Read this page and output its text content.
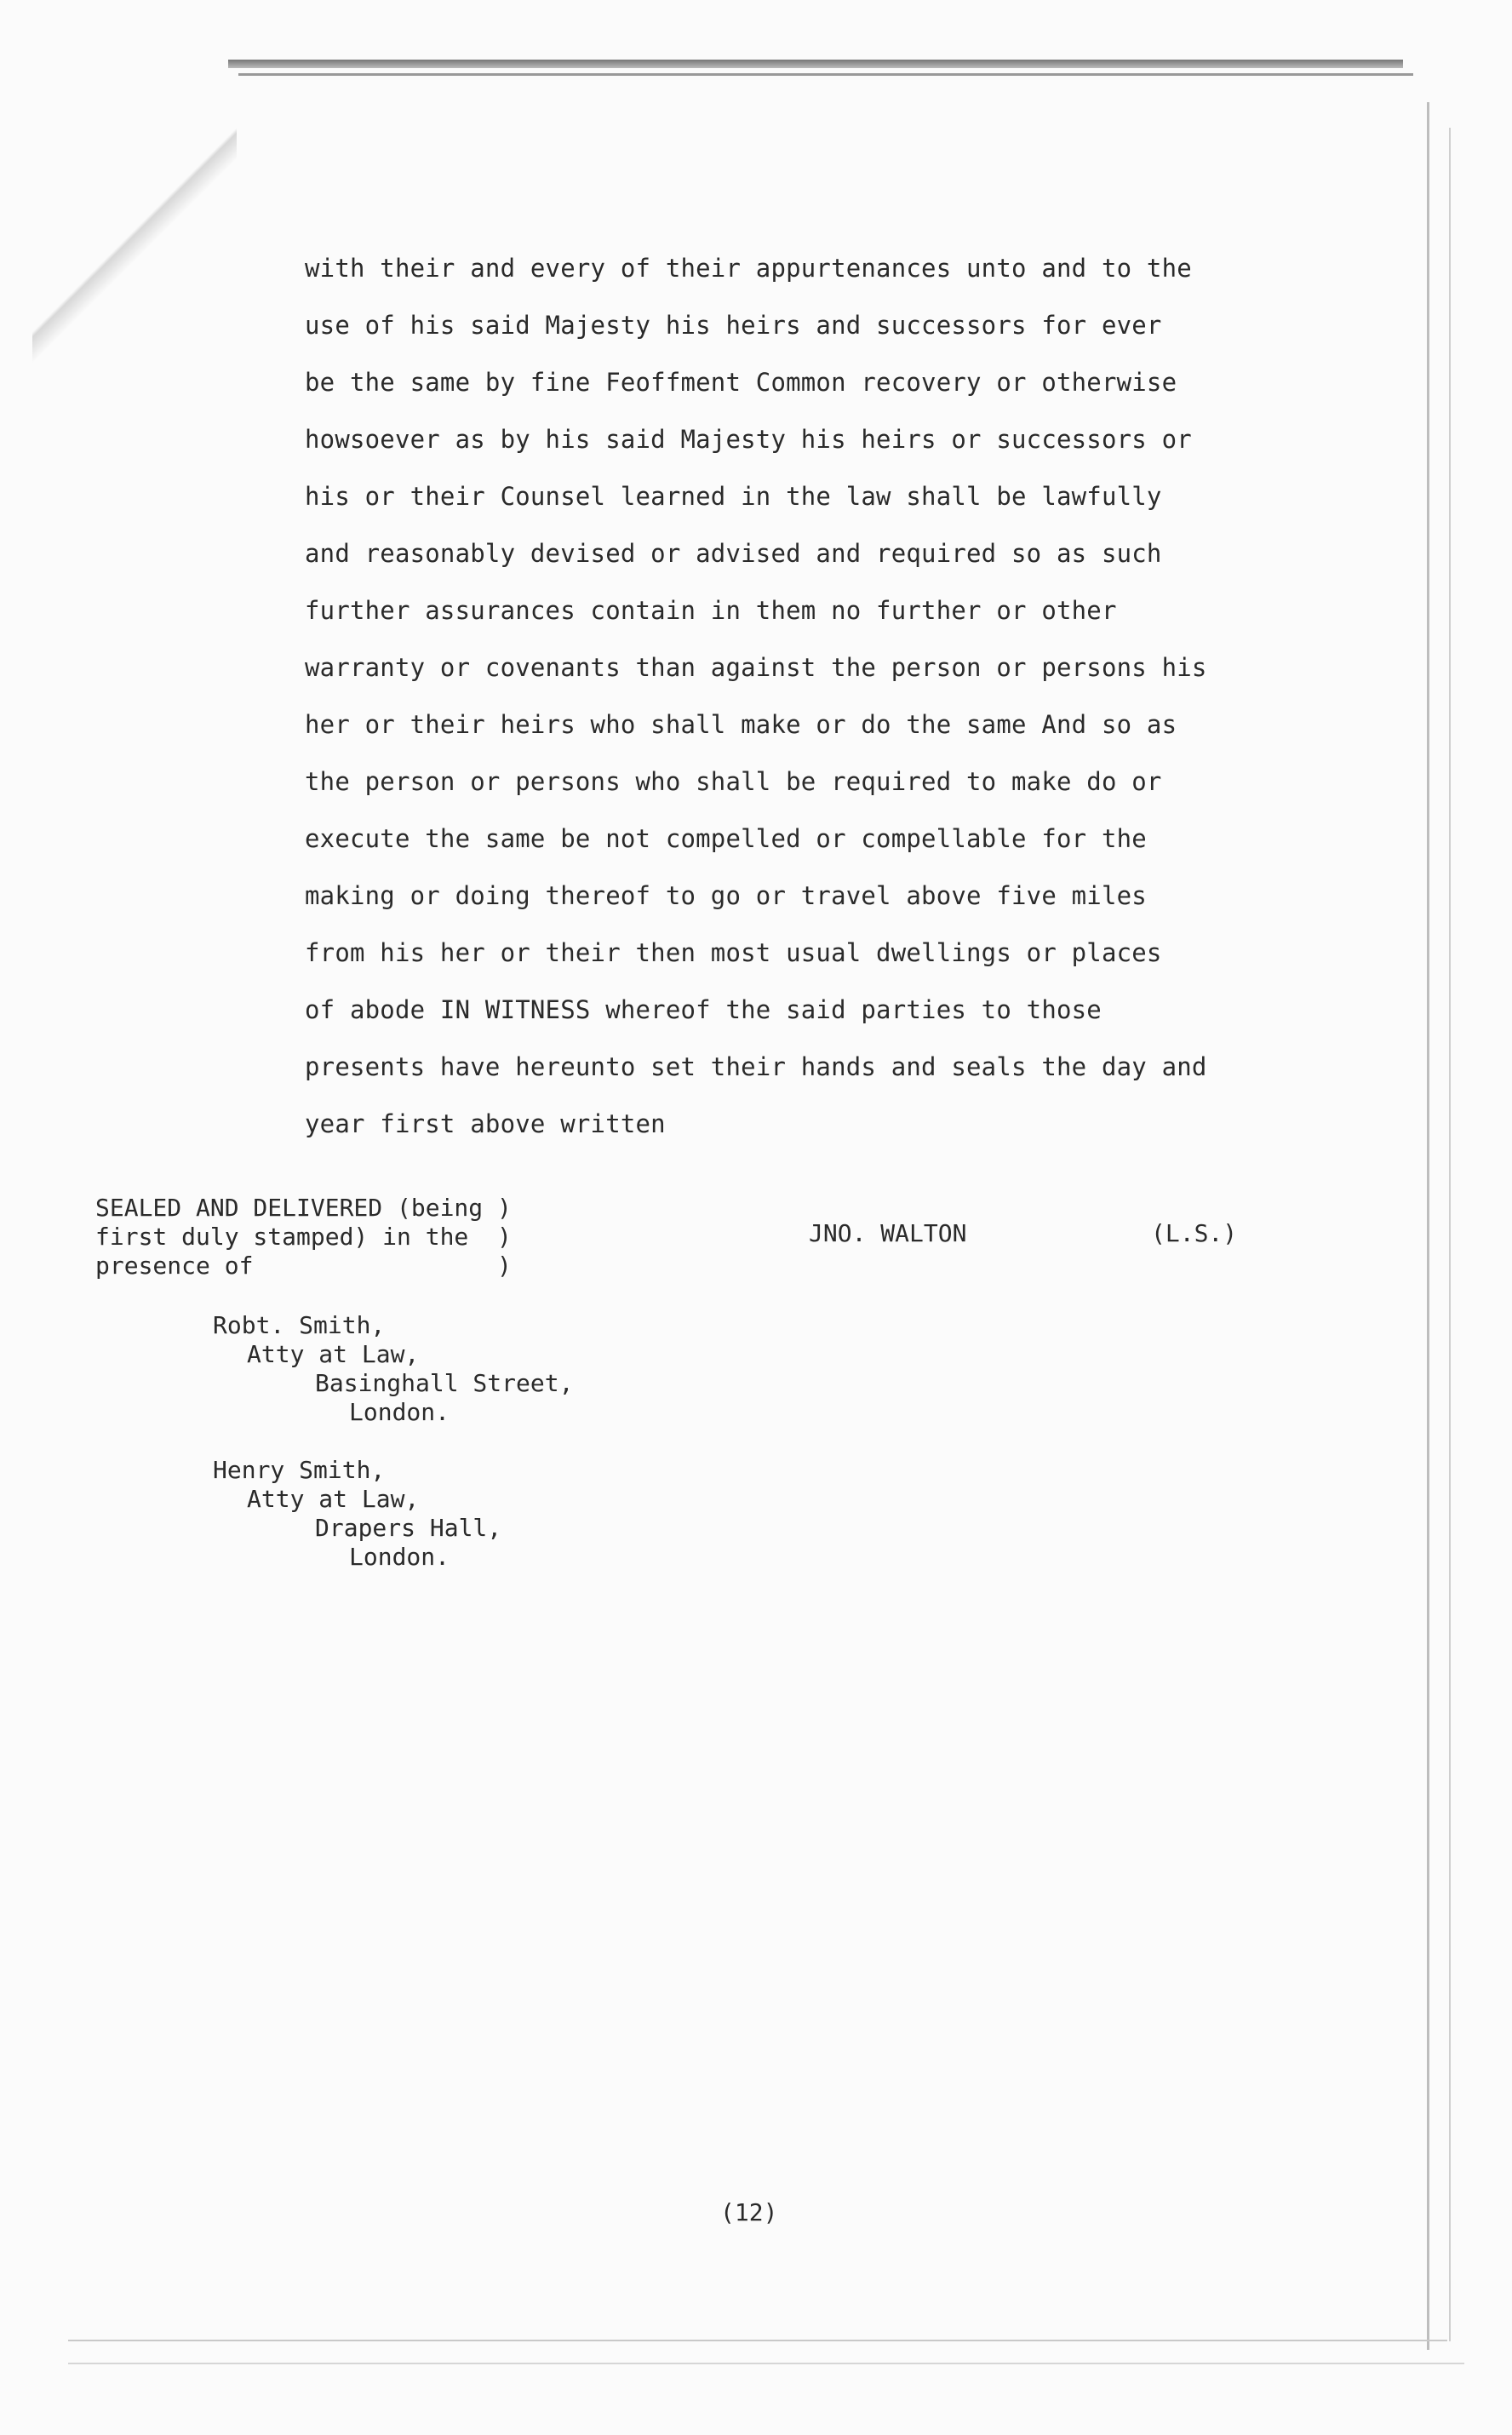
with their and every of their appurtenances unto and to the
use of his said Majesty his heirs and successors for ever
be the same by fine Feoffment Common recovery or otherwise
howsoever as by his said Majesty his heirs or successors or
his or their Counsel learned in the law shall be lawfully
and reasonably devised or advised and required so as such
further assurances contain in them no further or other
warranty or covenants than against the person or persons his
her or their heirs who shall make or do the same And so as
the person or persons who shall be required to make do or
execute the same be not compelled or compellable for the
making or doing thereof to go or travel above five miles
from his her or their then most usual dwellings or places
of abode IN WITNESS whereof the said parties to those
presents have hereunto set their hands and seals the day and
year first above written
SEALED AND DELIVERED (being )
first duly stamped) in the  )
presence of                 )
JNO. WALTON	(L.S.)
Robt. Smith,
Atty at Law,
Basinghall Street,
London.
Henry Smith,
Atty at Law,
Drapers Hall,
London.
(12)
